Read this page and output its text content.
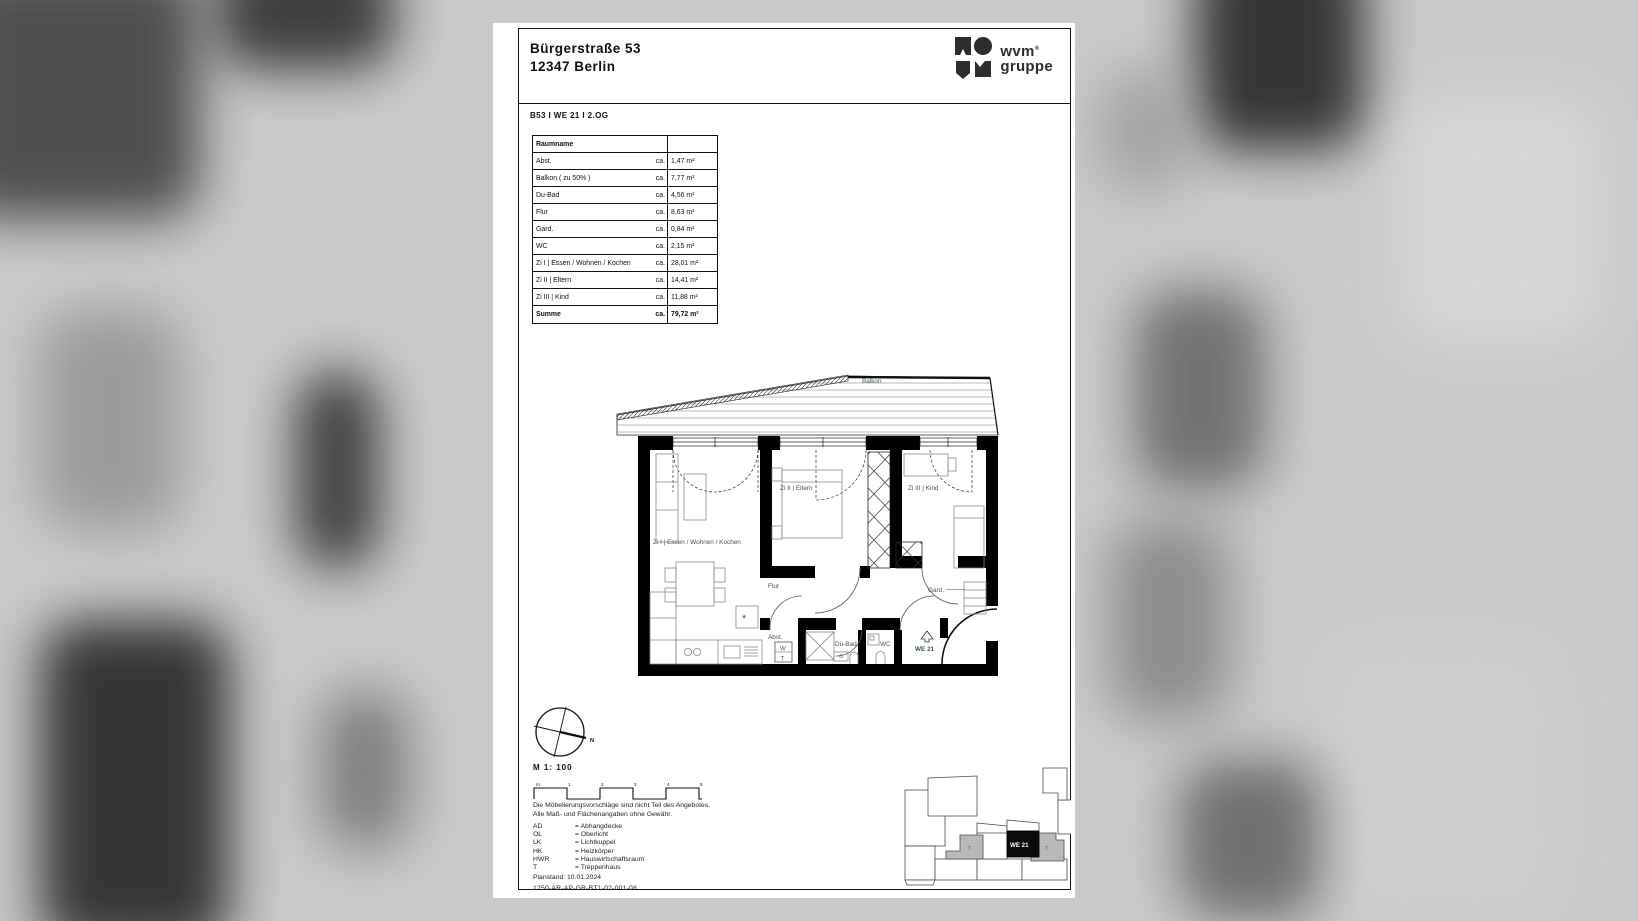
Bürgerstraße 53
12347 Berlin
wvm®
gruppe
B53 I WE 21 I 2.OG
Raumname
Abst.	ca. 1,47 m²
Balkon ( zu 50% )	ca. 7,77 m²
Du-Bad	ca. 4,56 m²
Flur	ca. 8,63 m²
Gard.	ca. 0,84 m²
WC	ca. 2,15 m²
Zi I | Essen / Wohnen / Kochen	ca. 28,01 m²
Zi II | Eltern	ca. 14,41 m²
Zi III | Kind	ca. 11,88 m²
Summe	ca. 79,72 m²
Balkon
*
W
T
Zi I | Essen / Wohnen / Kochen
Zi II | Eltern	Zi III | Kind
Flur
Gard.
Abst.
Du-Bad	WC
WE 21
N
M 1: 100
m	1	2	3	4	5
Die Möbelierungsvorschläge sind nicht Teil des Angebotes.
Alle Maß- und Flächenangaben ohne Gewähr.
AD	= Abhangdecke
OL	= Oberlicht
LK	= Lichtkuppel
HK	= Heizkörper
HWR	= Hauswirtschaftsraum
T	= Treppenhaus
Planstand: 10.01.2024
1250-AR-AP-GR-BT1-02-001-08
WE 21
T	T
